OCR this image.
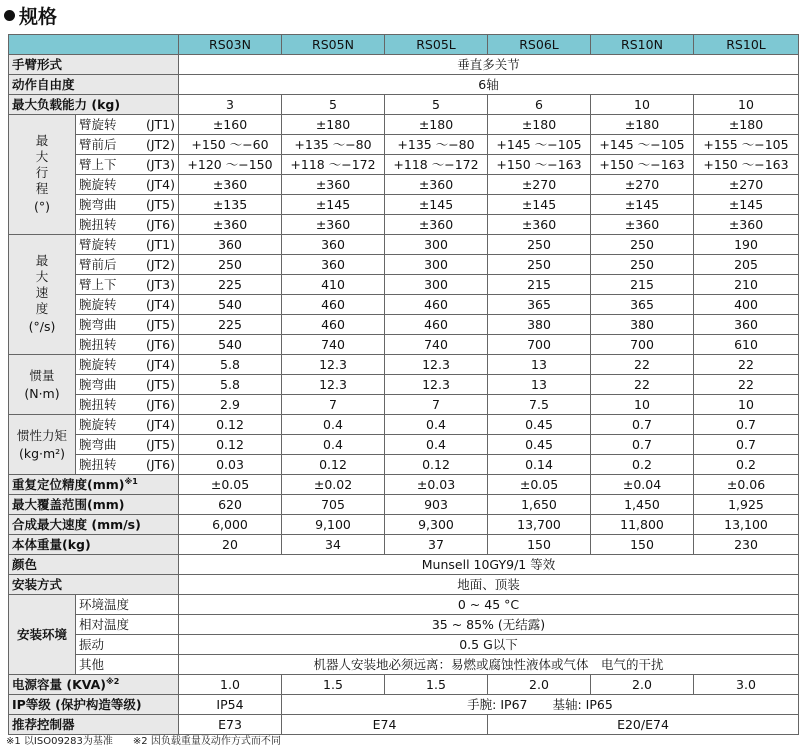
规格
		RS03N	RS05N	RS05L	RS06L	RS10N	RS10L
手臂形式		垂直多关节					
动作自由度		6轴					
最大负载能力 (kg)		3	5	5	6	10	10
最大行程
(°)	臂旋转 (JT1)	±160	±180	±180	±180	±180	±180
	臂前后 (JT2)	+150 ～−60	+135 ～−80	+135 ～−80	+145 ～−105	+145 ～−105	+155 ～−105
	臂上下 (JT3)	+120 ～−150	+118 ～−172	+118 ～−172	+150 ～−163	+150 ～−163	+150 ～−163
	腕旋转 (JT4)	±360	±360	±360	±270	±270	±270
	腕弯曲 (JT5)	±135	±145	±145	±145	±145	±145
	腕扭转 (JT6)	±360	±360	±360	±360	±360	±360
最大速度
(°/s)	臂旋转 (JT1)	360	360	300	250	250	190
	臂前后 (JT2)	250	360	300	250	250	205
	臂上下 (JT3)	225	410	300	215	215	210
	腕旋转 (JT4)	540	460	460	365	365	400
	腕弯曲 (JT5)	225	460	460	380	380	360
	腕扭转 (JT6)	540	740	740	700	700	610
惯量
(N·m)	腕旋转 (JT4)	5.8	12.3	12.3	13	22	22
	腕弯曲 (JT5)	5.8	12.3	12.3	13	22	22
	腕扭转 (JT6)	2.9	7	7	7.5	10	10
惯性力矩
(kg·m²)	腕旋转 (JT4)	0.12	0.4	0.4	0.45	0.7	0.7
	腕弯曲 (JT5)	0.12	0.4	0.4	0.45	0.7	0.7
	腕扭转 (JT6)	0.03	0.12	0.12	0.14	0.2	0.2
重复定位精度(mm)$^{※1}$		±0.05	±0.02	±0.03	±0.05	±0.04	±0.06
最大覆盖范围(mm)		620	705	903	1,650	1,450	1,925
合成最大速度 (mm/s)		6,000	9,100	9,300	13,700	11,800	13,100
本体重量(kg)		20	34	37	150	150	230
颜色		Munsell 10GY9/1 等效					
安装方式		地面、顶装					
安装环境	环境温度	0 ~ 45 °C					
	相对温度	35 ~ 85% (无结露)					
	振动	0.5 G以下					
	其他	机器人安装地必须远离：易燃或腐蚀性液体或气体　电气的干扰					
电源容量 (KVA)$^{※2}$		1.0	1.5	1.5	2.0	2.0	3.0
IP等级 (保护构造等级)		IP54	手腕: IP67　　基轴: IP65				
推荐控制器		E73	E74		E20/E74		
※1 以ISO09283为基准 ※2 因负载重量及动作方式而不同
